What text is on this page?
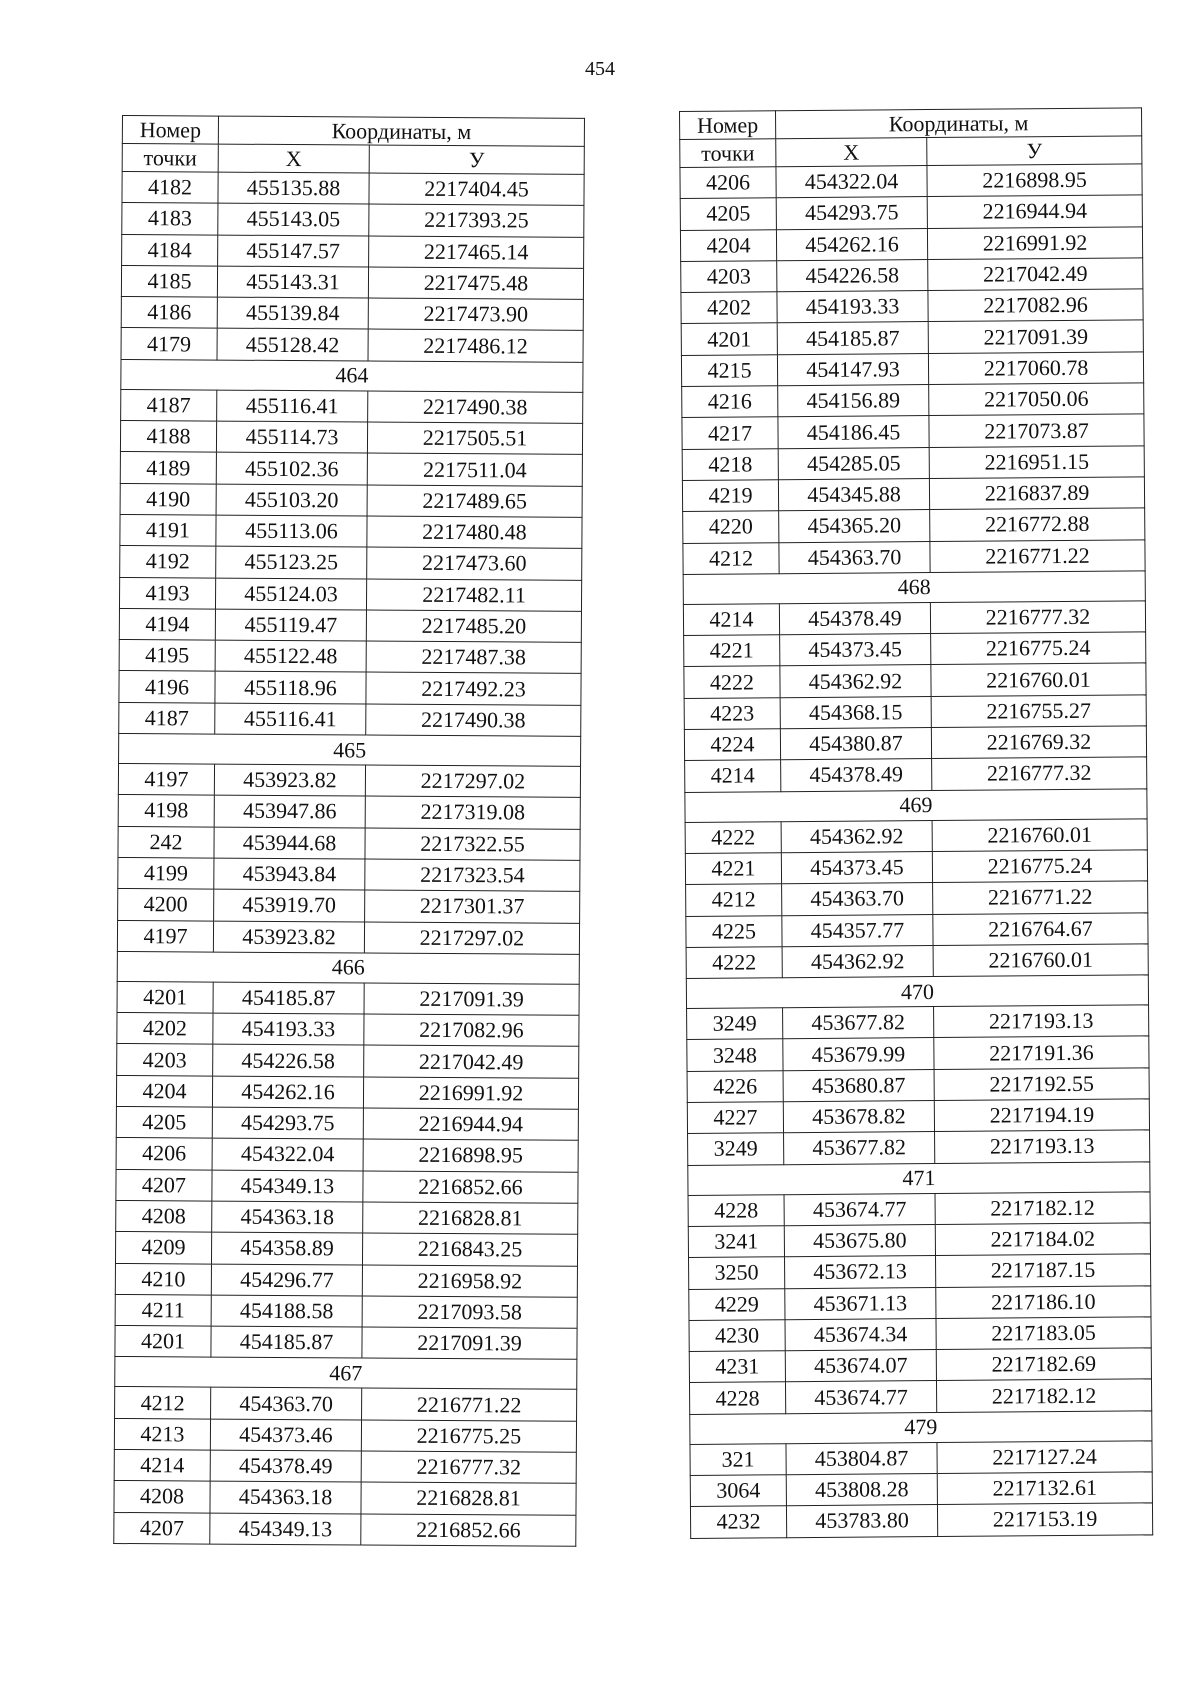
454
Номер	Координаты, м	
точки	Х	У
4182	455135.88	2217404.45
4183	455143.05	2217393.25
4184	455147.57	2217465.14
4185	455143.31	2217475.48
4186	455139.84	2217473.90
4179	455128.42	2217486.12
464		
4187	455116.41	2217490.38
4188	455114.73	2217505.51
4189	455102.36	2217511.04
4190	455103.20	2217489.65
4191	455113.06	2217480.48
4192	455123.25	2217473.60
4193	455124.03	2217482.11
4194	455119.47	2217485.20
4195	455122.48	2217487.38
4196	455118.96	2217492.23
4187	455116.41	2217490.38
465		
4197	453923.82	2217297.02
4198	453947.86	2217319.08
242	453944.68	2217322.55
4199	453943.84	2217323.54
4200	453919.70	2217301.37
4197	453923.82	2217297.02
466		
4201	454185.87	2217091.39
4202	454193.33	2217082.96
4203	454226.58	2217042.49
4204	454262.16	2216991.92
4205	454293.75	2216944.94
4206	454322.04	2216898.95
4207	454349.13	2216852.66
4208	454363.18	2216828.81
4209	454358.89	2216843.25
4210	454296.77	2216958.92
4211	454188.58	2217093.58
4201	454185.87	2217091.39
467		
4212	454363.70	2216771.22
4213	454373.46	2216775.25
4214	454378.49	2216777.32
4208	454363.18	2216828.81
4207	454349.13	2216852.66
Номер	Координаты, м	
точки	Х	У
4206	454322.04	2216898.95
4205	454293.75	2216944.94
4204	454262.16	2216991.92
4203	454226.58	2217042.49
4202	454193.33	2217082.96
4201	454185.87	2217091.39
4215	454147.93	2217060.78
4216	454156.89	2217050.06
4217	454186.45	2217073.87
4218	454285.05	2216951.15
4219	454345.88	2216837.89
4220	454365.20	2216772.88
4212	454363.70	2216771.22
468		
4214	454378.49	2216777.32
4221	454373.45	2216775.24
4222	454362.92	2216760.01
4223	454368.15	2216755.27
4224	454380.87	2216769.32
4214	454378.49	2216777.32
469		
4222	454362.92	2216760.01
4221	454373.45	2216775.24
4212	454363.70	2216771.22
4225	454357.77	2216764.67
4222	454362.92	2216760.01
470		
3249	453677.82	2217193.13
3248	453679.99	2217191.36
4226	453680.87	2217192.55
4227	453678.82	2217194.19
3249	453677.82	2217193.13
471		
4228	453674.77	2217182.12
3241	453675.80	2217184.02
3250	453672.13	2217187.15
4229	453671.13	2217186.10
4230	453674.34	2217183.05
4231	453674.07	2217182.69
4228	453674.77	2217182.12
479		
321	453804.87	2217127.24
3064	453808.28	2217132.61
4232	453783.80	2217153.19
